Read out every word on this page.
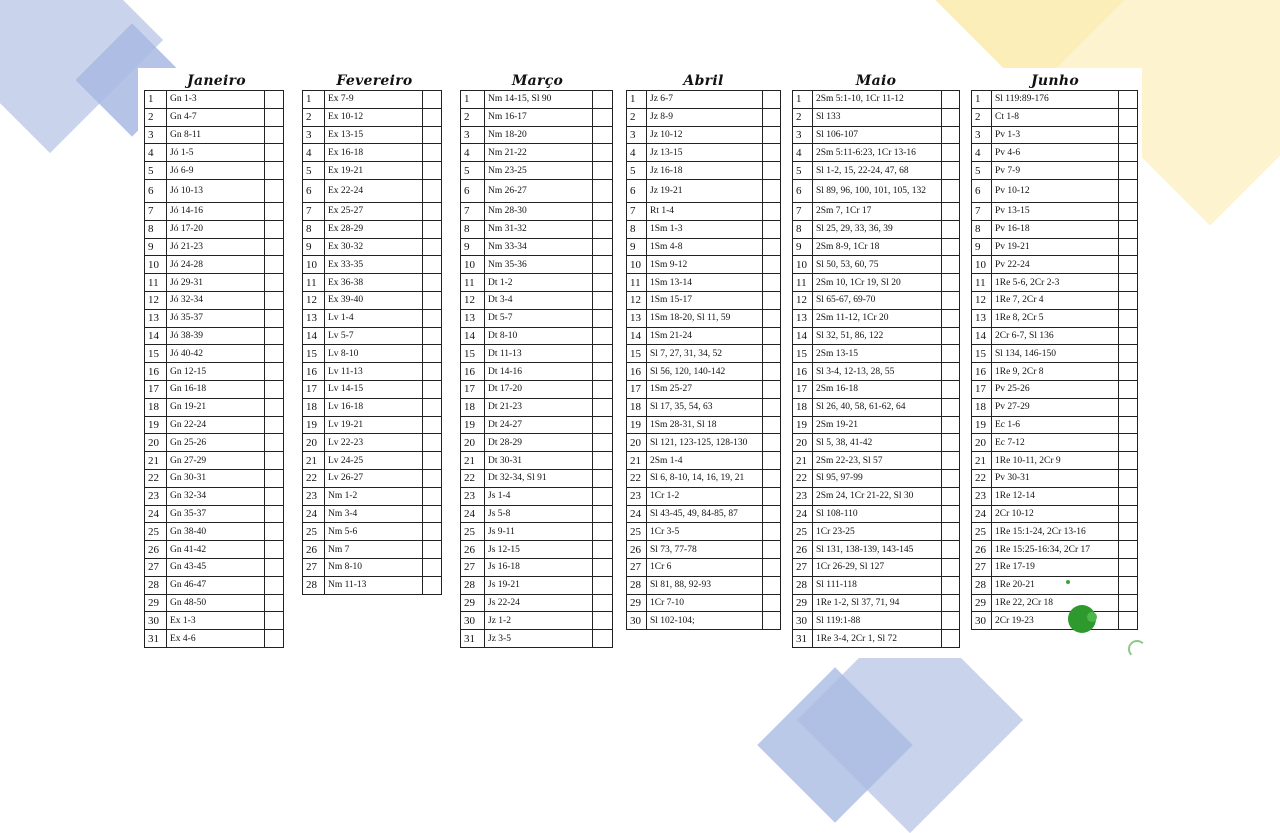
Janeiro
1	Gn 1-3	
2	Gn 4-7	
3	Gn 8-11	
4	Jó 1-5	
5	Jó 6-9	
6	Jó 10-13	
7	Jó 14-16	
8	Jó 17-20	
9	Jó 21-23	
10	Jó 24-28	
11	Jó 29-31	
12	Jó 32-34	
13	Jó 35-37	
14	Jó 38-39	
15	Jó 40-42	
16	Gn 12-15	
17	Gn 16-18	
18	Gn 19-21	
19	Gn 22-24	
20	Gn 25-26	
21	Gn 27-29	
22	Gn 30-31	
23	Gn 32-34	
24	Gn 35-37	
25	Gn 38-40	
26	Gn 41-42	
27	Gn 43-45	
28	Gn 46-47	
29	Gn 48-50	
30	Ex 1-3	
31	Ex 4-6	
Fevereiro
1	Ex 7-9	
2	Ex 10-12	
3	Ex 13-15	
4	Ex 16-18	
5	Ex 19-21	
6	Ex 22-24	
7	Ex 25-27	
8	Ex 28-29	
9	Ex 30-32	
10	Ex 33-35	
11	Ex 36-38	
12	Ex 39-40	
13	Lv 1-4	
14	Lv 5-7	
15	Lv 8-10	
16	Lv 11-13	
17	Lv 14-15	
18	Lv 16-18	
19	Lv 19-21	
20	Lv 22-23	
21	Lv 24-25	
22	Lv 26-27	
23	Nm 1-2	
24	Nm 3-4	
25	Nm 5-6	
26	Nm 7	
27	Nm 8-10	
28	Nm 11-13	
Março
1	Nm 14-15, Sl 90	
2	Nm 16-17	
3	Nm 18-20	
4	Nm 21-22	
5	Nm 23-25	
6	Nm 26-27	
7	Nm 28-30	
8	Nm 31-32	
9	Nm 33-34	
10	Nm 35-36	
11	Dt 1-2	
12	Dt 3-4	
13	Dt 5-7	
14	Dt 8-10	
15	Dt 11-13	
16	Dt 14-16	
17	Dt 17-20	
18	Dt 21-23	
19	Dt 24-27	
20	Dt 28-29	
21	Dt 30-31	
22	Dt 32-34, Sl 91	
23	Js 1-4	
24	Js 5-8	
25	Js 9-11	
26	Js 12-15	
27	Js 16-18	
28	Js 19-21	
29	Js 22-24	
30	Jz 1-2	
31	Jz 3-5	
Abril
1	Jz 6-7	
2	Jz 8-9	
3	Jz 10-12	
4	Jz 13-15	
5	Jz 16-18	
6	Jz 19-21	
7	Rt 1-4	
8	1Sm 1-3	
9	1Sm 4-8	
10	1Sm 9-12	
11	1Sm 13-14	
12	1Sm 15-17	
13	1Sm 18-20, Sl 11, 59	
14	1Sm 21-24	
15	Sl 7, 27, 31, 34, 52	
16	Sl 56, 120, 140-142	
17	1Sm 25-27	
18	Sl 17, 35, 54, 63	
19	1Sm 28-31, Sl 18	
20	Sl 121, 123-125, 128-130	
21	2Sm 1-4	
22	Sl 6, 8-10, 14, 16, 19, 21	
23	1Cr 1-2	
24	Sl 43-45, 49, 84-85, 87	
25	1Cr 3-5	
26	Sl 73, 77-78	
27	1Cr 6	
28	Sl 81, 88, 92-93	
29	1Cr 7-10	
30	Sl 102-104;	
Maio
1	2Sm 5:1-10, 1Cr 11-12	
2	Sl 133	
3	Sl 106-107	
4	2Sm 5:11-6:23, 1Cr 13-16	
5	Sl 1-2, 15, 22-24, 47, 68	
6	Sl 89, 96, 100, 101, 105, 132	
7	2Sm 7, 1Cr 17	
8	Sl 25, 29, 33, 36, 39	
9	2Sm 8-9, 1Cr 18	
10	Sl 50, 53, 60, 75	
11	2Sm 10, 1Cr 19, Sl 20	
12	Sl 65-67, 69-70	
13	2Sm 11-12, 1Cr 20	
14	Sl 32, 51, 86, 122	
15	2Sm 13-15	
16	Sl 3-4, 12-13, 28, 55	
17	2Sm 16-18	
18	Sl 26, 40, 58, 61-62, 64	
19	2Sm 19-21	
20	Sl 5, 38, 41-42	
21	2Sm 22-23, Sl 57	
22	Sl 95, 97-99	
23	2Sm 24, 1Cr 21-22, Sl 30	
24	Sl 108-110	
25	1Cr 23-25	
26	Sl 131, 138-139, 143-145	
27	1Cr 26-29, Sl 127	
28	Sl 111-118	
29	1Re 1-2, Sl 37, 71, 94	
30	Sl 119:1-88	
31	1Re 3-4, 2Cr 1, Sl 72	
Junho
1	Sl 119:89-176	
2	Ct 1-8	
3	Pv 1-3	
4	Pv 4-6	
5	Pv 7-9	
6	Pv 10-12	
7	Pv 13-15	
8	Pv 16-18	
9	Pv 19-21	
10	Pv 22-24	
11	1Re 5-6, 2Cr 2-3	
12	1Re 7, 2Cr 4	
13	1Re 8, 2Cr 5	
14	2Cr 6-7, Sl 136	
15	Sl 134, 146-150	
16	1Re 9, 2Cr 8	
17	Pv 25-26	
18	Pv 27-29	
19	Ec 1-6	
20	Ec 7-12	
21	1Re 10-11, 2Cr 9	
22	Pv 30-31	
23	1Re 12-14	
24	2Cr 10-12	
25	1Re 15:1-24, 2Cr 13-16	
26	1Re 15:25-16:34, 2Cr 17	
27	1Re 17-19	
28	1Re 20-21	
29	1Re 22, 2Cr 18	
30	2Cr 19-23	
